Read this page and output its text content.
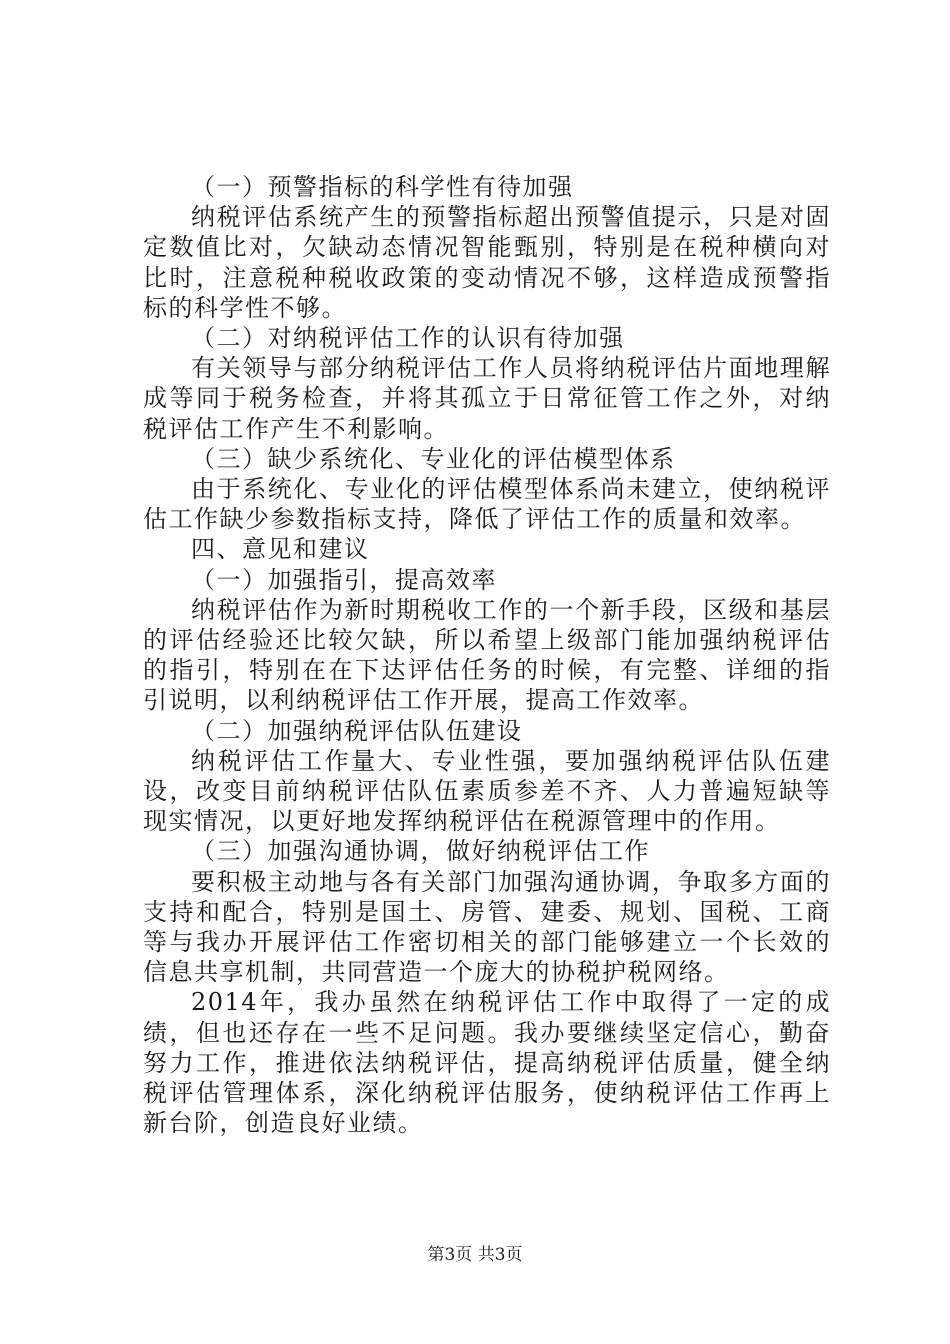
（一）预警指标的科学性有待加强

纳税评估系统产生的预警指标超出预警值提示，只是对固定数值比对，欠缺动态情况智能甄别，特别是在税种横向对比时，注意税种税收政策的变动情况不够，这样造成预警指标的科学性不够。

（二）对纳税评估工作的认识有待加强

有关领导与部分纳税评估工作人员将纳税评估片面地理解成等同于税务检查，并将其孤立于日常征管工作之外，对纳税评估工作产生不利影响。

（三）缺少系统化、专业化的评估模型体系

由于系统化、专业化的评估模型体系尚未建立，使纳税评估工作缺少参数指标支持，降低了评估工作的质量和效率。

四、意见和建议

（一）加强指引，提高效率

纳税评估作为新时期税收工作的一个新手段，区级和基层的评估经验还比较欠缺，所以希望上级部门能加强纳税评估的指引，特别在在下达评估任务的时候，有完整、详细的指引说明，以利纳税评估工作开展，提高工作效率。

（二）加强纳税评估队伍建设

纳税评估工作量大、专业性强，要加强纳税评估队伍建设，改变目前纳税评估队伍素质参差不齐、人力普遍短缺等现实情况，以更好地发挥纳税评估在税源管理中的作用。

（三）加强沟通协调，做好纳税评估工作

要积极主动地与各有关部门加强沟通协调，争取多方面的支持和配合，特别是国土、房管、建委、规划、国税、工商等与我办开展评估工作密切相关的部门能够建立一个长效的信息共享机制，共同营造一个庞大的协税护税网络。

2014年，我办虽然在纳税评估工作中取得了一定的成绩，但也还存在一些不足问题。我办要继续坚定信心，勤奋努力工作，推进依法纳税评估，提高纳税评估质量，健全纳税评估管理体系，深化纳税评估服务，使纳税评估工作再上新台阶，创造良好业绩。

第3页 共3页
